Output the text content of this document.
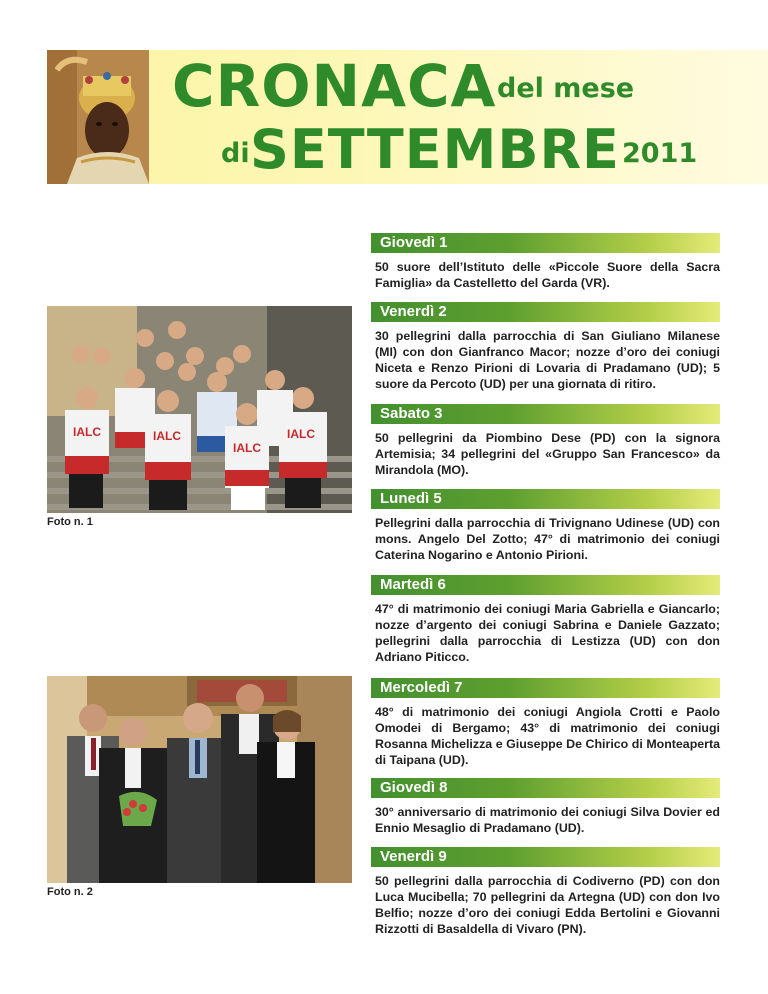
CRONACA del mese
di SETTEMBRE 2011
Giovedì 1
50 suore dell’Istituto delle «Piccole Suore della Sacra Famiglia» da Castelletto del Garda (VR).
Venerdì 2
30 pellegrini dalla parrocchia di San Giuliano Milanese (MI) con don Gianfranco Macor; nozze d’oro dei coniugi Niceta e Renzo Pirioni di Lovaria di Pradamano (UD); 5 suore da Percoto (UD) per una giornata di ritiro.
Sabato 3
50 pellegrini da Piombino Dese (PD) con la signora Artemisia; 34 pellegrini del «Gruppo San Francesco» da Mirandola (MO).
Lunedì 5
Pellegrini dalla parrocchia di Trivignano Udinese (UD) con mons. Angelo Del Zotto; 47° di matrimonio dei coniugi Caterina Nogarino e Antonio Pirioni.
Martedì 6
47° di matrimonio dei coniugi Maria Gabriella e Giancarlo; nozze d’argento dei coniugi Sabrina e Daniele Gazzato; pellegrini dalla parrocchia di Lestizza (UD) con don Adriano Piticco.
Mercoledì 7
48° di matrimonio dei coniugi Angiola Crotti e Paolo Omodei di Bergamo; 43° di matrimonio dei coniugi Rosanna Michelizza e Giuseppe De Chirico di Monteaperta di Taipana (UD).
Giovedì 8
30° anniversario di matrimonio dei coniugi Silva Dovier ed Ennio Mesaglio di Pradamano (UD).
Venerdì 9
50 pellegrini dalla parrocchia di Codiverno (PD) con don Luca Mucibella; 70 pellegrini da Artegna (UD) con don Ivo Belfio; nozze d’oro dei coniugi Edda Bertolini e Giovanni Rizzotti di Basaldella di Vivaro (PN).
IALC	IALC
IALC
IALC
Foto n. 1
Foto n. 2
